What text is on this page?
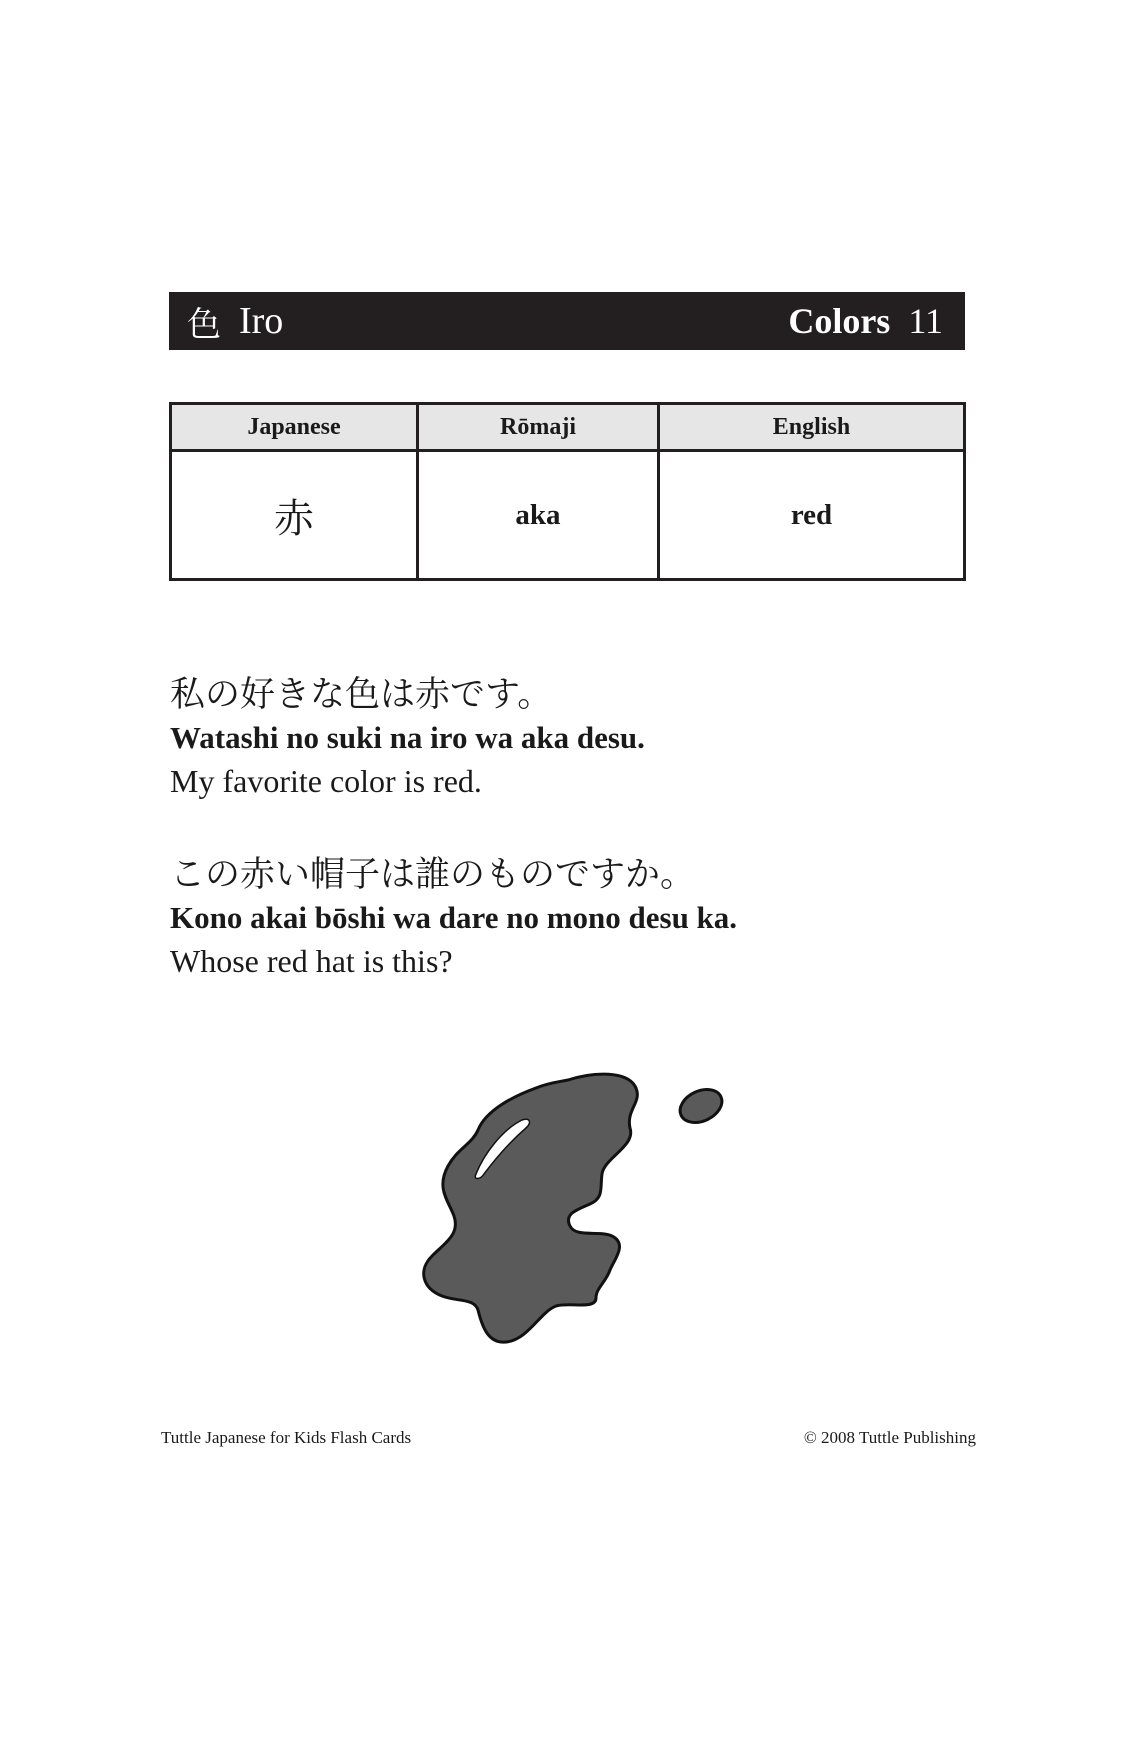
色 Iro	Colors 11
Japanese	Rōmaji	English
赤	aka	red
私の好きな色は赤です。
Watashi no suki na iro wa aka desu.
My favorite color is red.
この赤い帽子は誰のものですか。
Kono akai bōshi wa dare no mono desu ka.
Whose red hat is this?
Tuttle Japanese for Kids Flash Cards	© 2008 Tuttle Publishing
